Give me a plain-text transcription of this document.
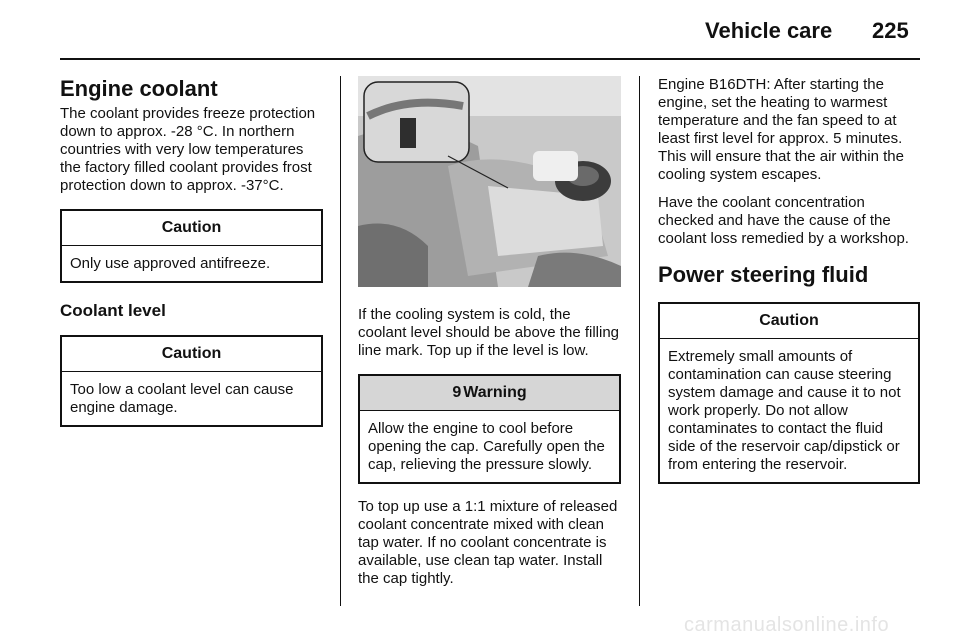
Vehicle care 225
Engine coolant

The coolant provides freeze protection down to approx. -28 °C. In northern countries with very low temperatures the factory filled coolant provides frost protection down to approx. -37°C.

Caution
Only use approved antifreeze.
Coolant level
Caution
Too low a coolant level can cause engine damage.

If the cooling system is cold, the coolant level should be above the filling line mark. Top up if the level is low.

9 Warning
Allow the engine to cool before opening the cap. Carefully open the cap, relieving the pressure slowly.

To top up use a 1:1 mixture of released coolant concentrate mixed with clean tap water. If no coolant concentrate is available, use clean tap water. Install the cap tightly.

Engine B16DTH: After starting the engine, set the heating to warmest temperature and the fan speed to at least first level for approx. 5 minutes. This will ensure that the air within the cooling system escapes.

Have the coolant concentration checked and have the cause of the coolant loss remedied by a workshop.

Power steering fluid
Caution
Extremely small amounts of contamination can cause steering system damage and cause it to not work properly. Do not allow contaminates to contact the fluid side of the reservoir cap/dipstick or from entering the reservoir.
carmanualsonline.info
